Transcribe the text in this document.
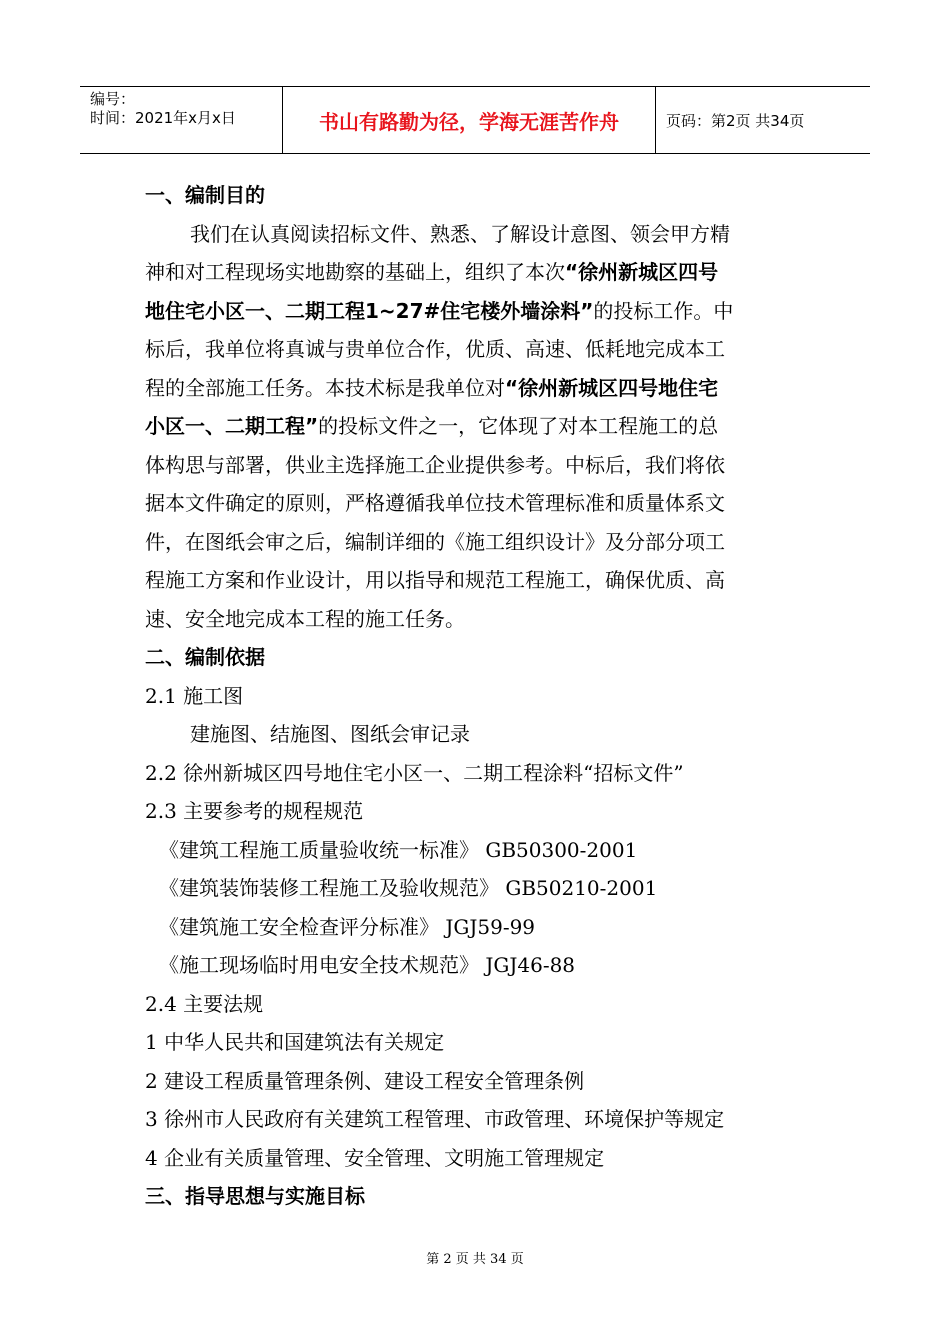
编号：
时间：2021年x月x日	书山有路勤为径，学海无涯苦作舟	页码：第2页 共34页
一、编制目的
我们在认真阅读招标文件、熟悉、了解设计意图、领会甲方精
神和对工程现场实地勘察的基础上，组织了本次“徐州新城区四号
地住宅小区一、二期工程1~27#住宅楼外墙涂料”的投标工作。中
标后，我单位将真诚与贵单位合作，优质、高速、低耗地完成本工
程的全部施工任务。本技术标是我单位对“徐州新城区四号地住宅
小区一、二期工程”的投标文件之一，它体现了对本工程施工的总
体构思与部署，供业主选择施工企业提供参考。中标后，我们将依
据本文件确定的原则，严格遵循我单位技术管理标准和质量体系文
件，在图纸会审之后，编制详细的《施工组织设计》及分部分项工
程施工方案和作业设计，用以指导和规范工程施工，确保优质、高
速、安全地完成本工程的施工任务。
二、编制依据
2.1 施工图
建施图、结施图、图纸会审记录
2.2 徐州新城区四号地住宅小区一、二期工程涂料“招标文件”
2.3 主要参考的规程规范
《建筑工程施工质量验收统一标准》 GB50300-2001
《建筑装饰装修工程施工及验收规范》 GB50210-2001
《建筑施工安全检查评分标准》 JGJ59-99
《施工现场临时用电安全技术规范》 JGJ46-88
2.4 主要法规
1 中华人民共和国建筑法有关规定
2 建设工程质量管理条例、建设工程安全管理条例
3 徐州市人民政府有关建筑工程管理、市政管理、环境保护等规定
4 企业有关质量管理、安全管理、文明施工管理规定
三、指导思想与实施目标
第 2 页 共 34 页
